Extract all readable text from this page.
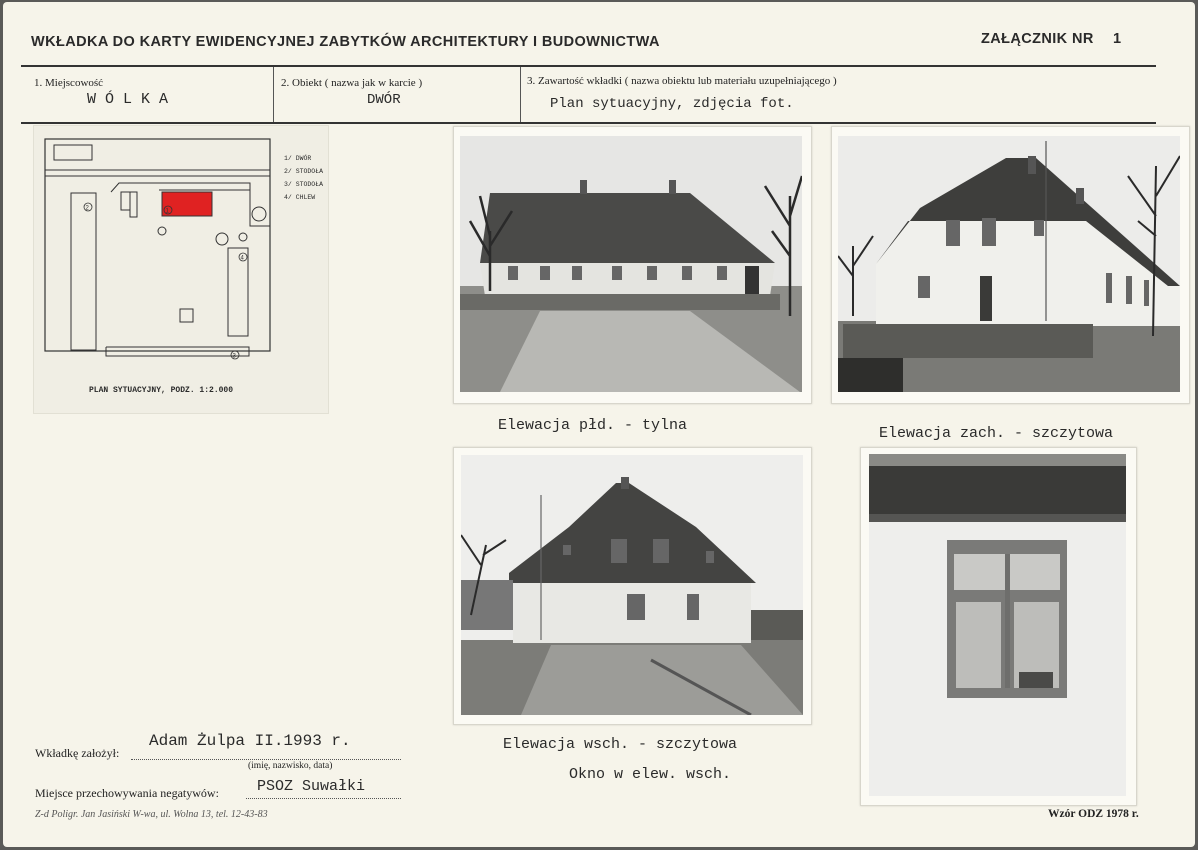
WKŁADKA DO KARTY EWIDENCYJNEJ ZABYTKÓW ARCHITEKTURY I BUDOWNICTWA	ZAŁĄCZNIK NR 1
1. Miejscowość
W Ó L K A
2. Obiekt ( nazwa jak w karcie )
DWÓR
3. Zawartość wkładki ( nazwa obiektu lub materiału uzupełniającego )
Plan sytuacyjny, zdjęcia fot.
1
2
3
4
1/ DWÓR
2/ STODOŁA
3/ STODOŁA
4/ CHLEW
PLAN SYTUACYJNY, PODZ. 1:2.000
Elewacja płd. - tylna	Elewacja zach. - szczytowa
Elewacja wsch. - szczytowa
Okno w elew. wsch.
Wkładkę założył:
Adam Żulpa II.1993 r.
(imię, nazwisko, data)
Miejsce przechowywania negatywów:	PSOZ Suwałki
Z-d Poligr. Jan Jasiński W-wa, ul. Wolna 13, tel. 12-43-83	Wzór ODZ 1978 r.
